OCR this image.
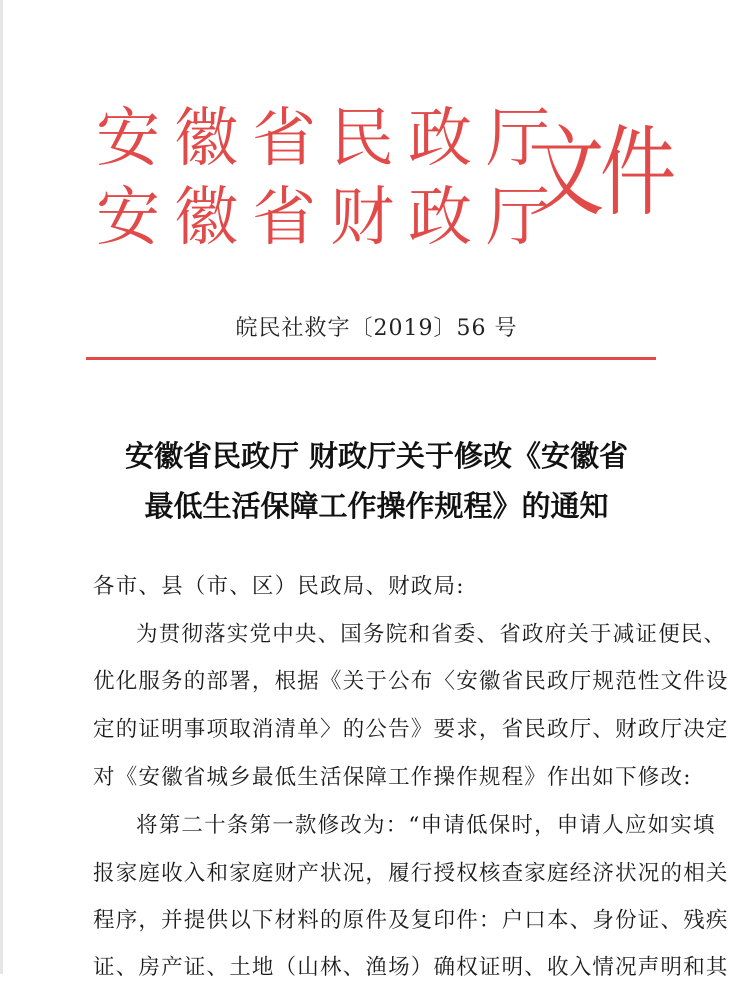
安徽省民政厅
安徽省财政厅
文件
皖民社救字〔2019〕56 号
安徽省民政厅 财政厅关于修改《安徽省
最低生活保障工作操作规程》的通知
各市、县（市、区）民政局、财政局:
为贯彻落实党中央、国务院和省委、省政府关于减证便民、
优化服务的部署，根据《关于公布〈安徽省民政厅规范性文件设
定的证明事项取消清单〉的公告》要求，省民政厅、财政厅决定
对《安徽省城乡最低生活保障工作操作规程》作出如下修改:
将第二十条第一款修改为：“申请低保时，申请人应如实填
报家庭收入和家庭财产状况，履行授权核查家庭经济状况的相关
程序，并提供以下材料的原件及复印件：户口本、身份证、残疾
证、房产证、土地（山林、渔场）确权证明、收入情况声明和其
